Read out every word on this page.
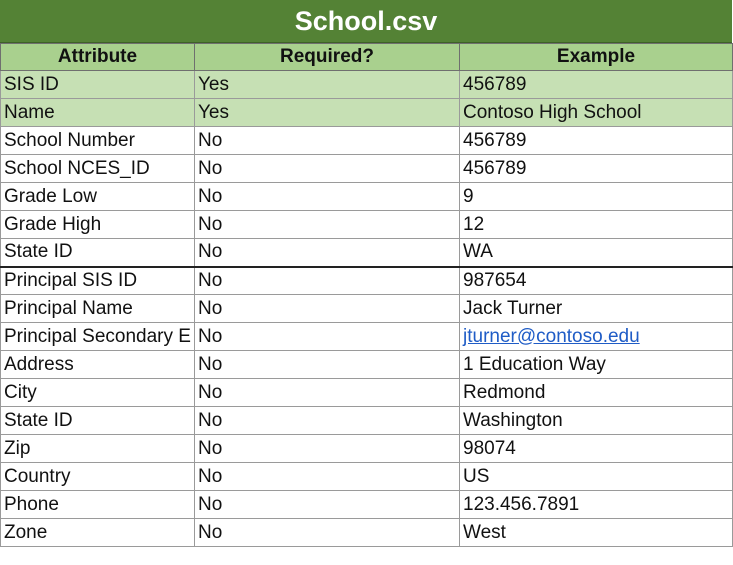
School.csv
Attribute	Required?	Example
SIS ID	Yes	456789
Name	Yes	Contoso High School
School Number	No	456789
School NCES_ID	No	456789
Grade Low	No	9
Grade High	No	12
State ID	No	WA
Principal SIS ID	No	987654
Principal Name	No	Jack Turner
Principal Secondary E	No	jturner@contoso.edu
Address	No	1 Education Way
City	No	Redmond
State ID	No	Washington
Zip	No	98074
Country	No	US
Phone	No	123.456.7891
Zone	No	West
